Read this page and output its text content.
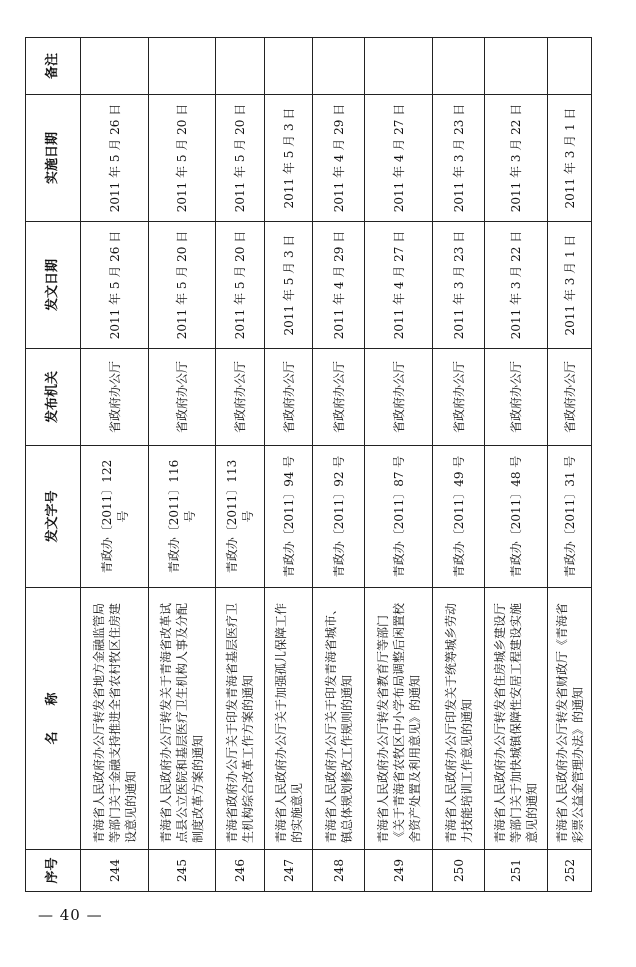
序号	名　　称	发文字号	发布机关	发文日期	实施日期	备注
244	青海省人民政府办公厅转发省地方金融监管局等部门关于金融支持推进全省农村牧区住房建设意见的通知	青政办〔2011〕122 号	省政府办公厅	2011 年 5 月 26 日	2011 年 5 月 26 日	
245	青海省人民政府办公厅转发关于青海省改革试点县公立医院和基层医疗卫生机构人事及分配制度改革方案的通知	青政办〔2011〕116 号	省政府办公厅	2011 年 5 月 20 日	2011 年 5 月 20 日	
246	青海省政府办公厅关于印发青海省基层医疗卫生机构综合改革工作方案的通知	青政办〔2011〕113 号	省政府办公厅	2011 年 5 月 20 日	2011 年 5 月 20 日	
247	青海省人民政府办公厅关于加强孤儿保障工作的实施意见	青政办〔2011〕94 号	省政府办公厅	2011 年 5 月 3 日	2011 年 5 月 3 日	
248	青海省人民政府办公厅关于印发青海省城市、镇总体规划修改工作规则的通知	青政办〔2011〕92 号	省政府办公厅	2011 年 4 月 29 日	2011 年 4 月 29 日	
249	青海省人民政府办公厅转发省教育厅等部门《关于青海省农牧区中小学布局调整后闲置校舍资产处置及利用意见》的通知	青政办〔2011〕87 号	省政府办公厅	2011 年 4 月 27 日	2011 年 4 月 27 日	
250	青海省人民政府办公厅印发关于统筹城乡劳动力技能培训工作意见的通知	青政办〔2011〕49 号	省政府办公厅	2011 年 3 月 23 日	2011 年 3 月 23 日	
251	青海省人民政府办公厅转发省住房城乡建设厅等部门关于加快城镇保障性安居工程建设实施意见的通知	青政办〔2011〕48 号	省政府办公厅	2011 年 3 月 22 日	2011 年 3 月 22 日	
252	青海省人民政府办公厅转发省财政厅《青海省彩票公益金管理办法》的通知	青政办〔2011〕31 号	省政府办公厅	2011 年 3 月 1 日	2011 年 3 月 1 日	
— 40 —
